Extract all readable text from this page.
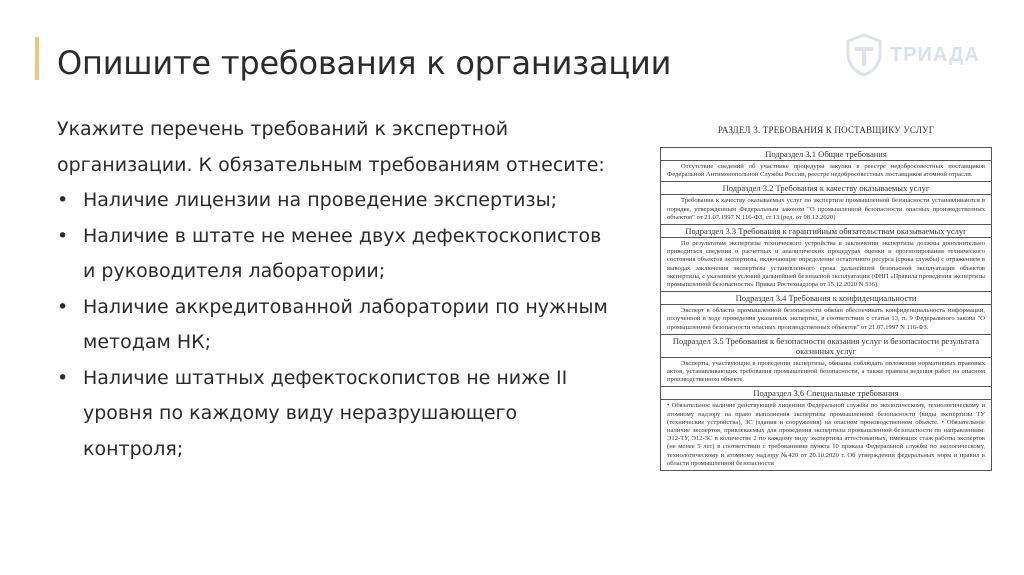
Опишите требования к организации	ТРИАДА

Укажите перечень требований к экспертной организации. К обязательным требованиям отнесите:

• Наличие лицензии на проведение экспертизы;
• Наличие в штате не менее двух дефектоскопистов и руководителя лаборатории;
• Наличие аккредитованной лаборатории по нужным методам НК;
• Наличие штатных дефектоскопистов не ниже II уровня по каждому виду неразрушающего контроля;
РАЗДЕЛ 3. ТРЕБОВАНИЯ К ПОСТАВЩИКУ УСЛУГ
Подраздел 3.1 Общие требования
Отсутствие сведений об участнике процедуры закупки в реестре недобросовестных поставщиков Федеральной Антимонопольной Службы России, реестре недобросовестных поставщиков атомной отрасли.
Подраздел 3.2 Требования к качеству оказываемых услуг
Требования к качеству оказываемых услуг по экспертизе промышленной безопасности устанавливаются в порядке, утвержденным Федеральным законом "О промышленной безопасности опасных производственных объектов" от 21.07.1997 N 116-ФЗ, ст.13.(ред. от 08.12.2020)
Подраздел 3.3 Требования к гарантийным обязательствам оказываемых услуг
По результатам экспертизы технического устройства в заключении экспертизы должны дополнительно приводиться сведения о расчетных и аналитических процедурах оценки и прогнозирования технического состояния объектов экспертизы, включающие определение остаточного ресурса (срока службы) с отражением в выводах заключения экспертизы установленного срока дальнейшей безопасной эксплуатации объектов экспертизы, с указанием условий дальнейшей безопасной эксплуатации (ФНП «Правила проведения экспертизы промышленной безопасности» Приказ Ростехнадзора от 15.12.2020 N 536).
Подраздел 3.4 Требования к конфиденциальности
Эксперт в области промышленной безопасности обязан обеспечивать конфиденциальность информации, полученной в ходе проведения указанных экспертиз, в соответствии с статья 13, п. 9 Федерального закона "О промышленной безопасности опасных производственных объектов" от 21.07.1997 N 116-ФЗ.
Подраздел 3.5 Требования к безопасности оказания услуг и безопасности результата оказанных услуг
Эксперты, участвующие в проведении экспертизы, обязаны соблюдать положения нормативных правовых актов, устанавливающих требования промышленной безопасности, а также правила ведения работ на опасном производственном объекте.
Подраздел 3.6 Специальные требования
• Обязательное наличие действующей лицензии Федеральной службы по экологическому, технологическому и атомному надзору на право выполнения экспертизы промышленной безопасности (виды экспертизы ТУ (технические устройства), ЗС (здания и сооружения) на опасном производственном объекте. • Обязательное наличие экспертов, привлекаемых для проведения экспертизы промышленной безопасности по направлениям: Э12-ТУ, Э12-ЗС в количестве 2 по каждому виду экспертизы аттестованных, имеющих стаж работы экспертов (не менее 5 лет) в соответствии с требованиями пункта 10 приказа Федеральной службы по экологическому, технологическому и атомному надзору №420 от 20.10.2020 г. Об утверждении федеральных норм и правил в области промышленной безопасности
